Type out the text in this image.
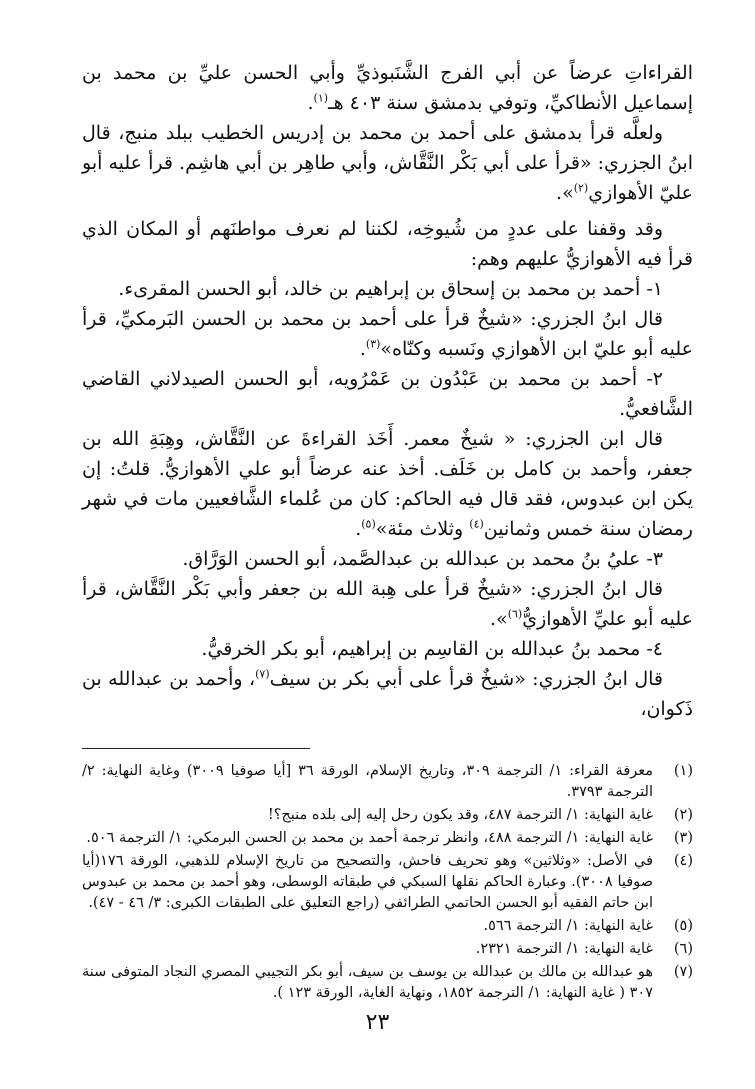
القراءاتِ عرضاً عن أبي الفرج الشَّنَبوذيِّ وأبي الحسن عليِّ بن محمد بن إسماعيل الأنطاكيِّ، وتوفي بدمشق سنة ٤٠٣ هـ$^{(١)}$.

ولعلَّه قرأ بدمشق على أحمد بن محمد بن إدريس الخطيب ببلد منبج، قال ابنُ الجزري: «قرأ على أبي بَكْر النَّقَّاش، وأبي طاهِر بن أبي هاشِم. قرأ عليه أبو عليّ الأهوازي$^{(٢)}$».

وقد وقفنا على عددٍ من شُيوخِه، لكننا لم نعرف مواطنَهم أو المكان الذي قرأ فيه الأهوازيُّ عليهم وهم:

١- أحمد بن محمد بن إسحاق بن إبراهيم بن خالد، أبو الحسن المقرىء.

قال ابنُ الجزري: «شيخٌ قرأ على أحمد بن محمد بن الحسن البَرمكيِّ، قرأ عليه أبو عليّ ابن الأهوازي ونَسبه وكنّاه»$^{(٣)}$.

٢- أحمد بن محمد بن عَبْدُون بن عَمْرُويه، أبو الحسن الصيدلاني القاضي الشَّافعيُّ.

قال ابن الجزري: « شيخٌ معمر. أَخَذ القراءةَ عن النَّقَّاش، وهِبَةِ الله بن جعفر، وأحمد بن كامل بن خَلَف. أخذ عنه عرضاً أبو علي الأهوازيُّ. قلتُ: إن يكن ابن عبدوس، فقد قال فيه الحاكم: كان من عُلماء الشَّافعيين مات في شهر رمضان سنة خمس وثمانين$^{(٤)}$ وثلاث مئة»$^{(٥)}$.

٣- عليُ بنُ محمد بن عبدالله بن عبدالصَّمد، أبو الحسن الوَرَّاق.

قال ابنُ الجزري: «شيخٌ قرأ على هِبة الله بن جعفر وأبي بَكْر النَّقَّاش، قرأ عليه أبو عليِّ الأهوازيُّ$^{(٦)}$».

٤- محمد بنُ عبدالله بن القاسِم بن إبراهيم، أبو بكر الخرقيُّ.

قال ابنُ الجزري: «شيخٌ قرأ على أبي بكر بن سيف$^{(٧)}$، وأحمد بن عبدالله بن ذَكوان،

(١)
معرفة القراء: ١/ الترجمة ٣٠٩، وتاريخ الإسلام، الورقة ٣٦ [أيا صوفيا ٣٠٠٩) وغاية النهاية: ٢/ الترجمة ٣٧٩٣.
(٢)
غاية النهاية: ١/ الترجمة ٤٨٧، وقد يكون رحل إليه إلى بلده منبج؟!
(٣)
غاية النهاية: ١/ الترجمة ٤٨٨، وانظر ترجمة أحمد بن محمد بن الحسن البرمكي: ١/ الترجمة ٥٠٦.
(٤)
في الأصل: «وثلاثين» وهو تحريف فاحش، والتصحيح من تاريخ الإسلام للذهبي، الورقة ١٧٦(أيا صوفيا ٣٠٠٨). وعبارة الحاكم نقلها السبكي في طبقاته الوسطى، وهو أحمد بن محمد بن عبدوس ابن حاتم الفقيه أبو الحسن الحاتمي الطرائفي (راجع التعليق على الطبقات الكبرى: ٣/ ٤٦ - ٤٧).
(٥)
غاية النهاية: ١/ الترجمة ٥٦٦.
(٦)
غاية النهاية: ١/ الترجمة ٢٣٢١.
(٧)
هو عبدالله بن مالك بن عبدالله بن يوسف بن سيف، أبو بكر التجيبي المصري النجاد المتوفى سنة ٣٠٧ ( غاية النهاية: ١/ الترجمة ١٨٥٢، ونهاية الغاية، الورقة ١٢٣ ).
٢٣
